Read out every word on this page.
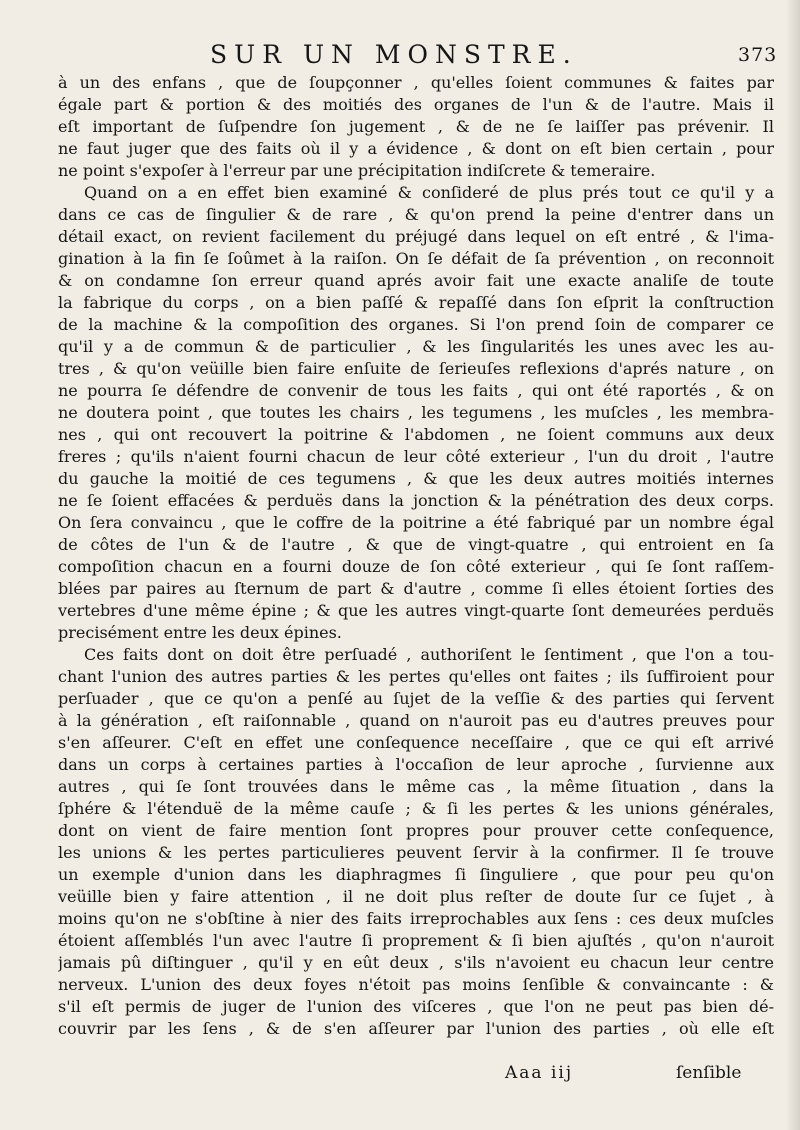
SUR UN MONSTRE.	373
à un des enfans , que de ſoupçonner , qu'elles ſoient communes & faites par
égale part & portion & des moitiés des organes de l'un & de l'autre. Mais il
eſt important de ſuſpendre ſon jugement , & de ne ſe laiſſer pas prévenir. Il
ne faut juger que des faits où il y a évidence , & dont on eſt bien certain , pour
ne point s'expoſer à l'erreur par une précipitation indiſcrete & temeraire.
Quand on a en effet bien examiné & conſideré de plus prés tout ce qu'il y a
dans ce cas de ſingulier & de rare , & qu'on prend la peine d'entrer dans un
détail exact, on revient facilement du préjugé dans lequel on eſt entré , & l'ima-
gination à la fin ſe ſoûmet à la raiſon. On ſe défait de ſa prévention , on reconnoit
& on condamne ſon erreur quand aprés avoir fait une exacte analiſe de toute
la fabrique du corps , on a bien paſſé & repaſſé dans ſon eſprit la conſtruction
de la machine & la compoſition des organes. Si l'on prend ſoin de comparer ce
qu'il y a de commun & de particulier , & les ſingularités les unes avec les au-
tres , & qu'on veüille bien faire enſuite de ſerieuſes reflexions d'aprés nature , on
ne pourra ſe défendre de convenir de tous les faits , qui ont été raportés , & on
ne doutera point , que toutes les chairs , les tegumens , les muſcles , les membra-
nes , qui ont recouvert la poitrine & l'abdomen , ne ſoient communs aux deux
freres ; qu'ils n'aient fourni chacun de leur côté exterieur , l'un du droit , l'autre
du gauche la moitié de ces tegumens , & que les deux autres moitiés internes
ne ſe ſoient effacées & perduës dans la jonction & la pénétration des deux corps.
On ſera convaincu , que le coffre de la poitrine a été fabriqué par un nombre égal
de côtes de l'un & de l'autre , & que de vingt-quatre , qui entroient en ſa
compoſition chacun en a fourni douze de ſon côté exterieur , qui ſe ſont raſſem-
blées par paires au ſternum de part & d'autre , comme ſi elles étoient ſorties des
vertebres d'une même épine ; & que les autres vingt-quarte ſont demeurées perduës
precisément entre les deux épines.
Ces faits dont on doit être perſuadé , authoriſent le ſentiment , que l'on a tou-
chant l'union des autres parties & les pertes qu'elles ont faites ; ils ſuffiroient pour
perſuader , que ce qu'on a penſé au ſujet de la veſſie & des parties qui ſervent
à la génération , eſt raiſonnable , quand on n'auroit pas eu d'autres preuves pour
s'en aſſeurer. C'eſt en effet une conſequence neceſſaire , que ce qui eſt arrivé
dans un corps à certaines parties à l'occaſion de leur aproche , ſurvienne aux
autres , qui ſe ſont trouvées dans le même cas , la même ſituation , dans la
ſphére & l'étenduë de la même cauſe ; & ſi les pertes & les unions générales,
dont on vient de faire mention ſont propres pour prouver cette conſequence,
les unions & les pertes particulieres peuvent ſervir à la confirmer. Il ſe trouve
un exemple d'union dans les diaphragmes ſi ſinguliere , que pour peu qu'on
veüille bien y faire attention , il ne doit plus reſter de doute ſur ce ſujet , à
moins qu'on ne s'obſtine à nier des faits irreprochables aux ſens : ces deux muſcles
étoient aſſemblés l'un avec l'autre ſi proprement & ſi bien ajuſtés , qu'on n'auroit
jamais pû diſtinguer , qu'il y en eût deux , s'ils n'avoient eu chacun leur centre
nerveux. L'union des deux foyes n'étoit pas moins ſenſible & convaincante : &
s'il eſt permis de juger de l'union des viſceres , que l'on ne peut pas bien dé-
couvrir par les ſens , & de s'en aſſeurer par l'union des parties , où elle eſt
Aaa iij	ſenſible
